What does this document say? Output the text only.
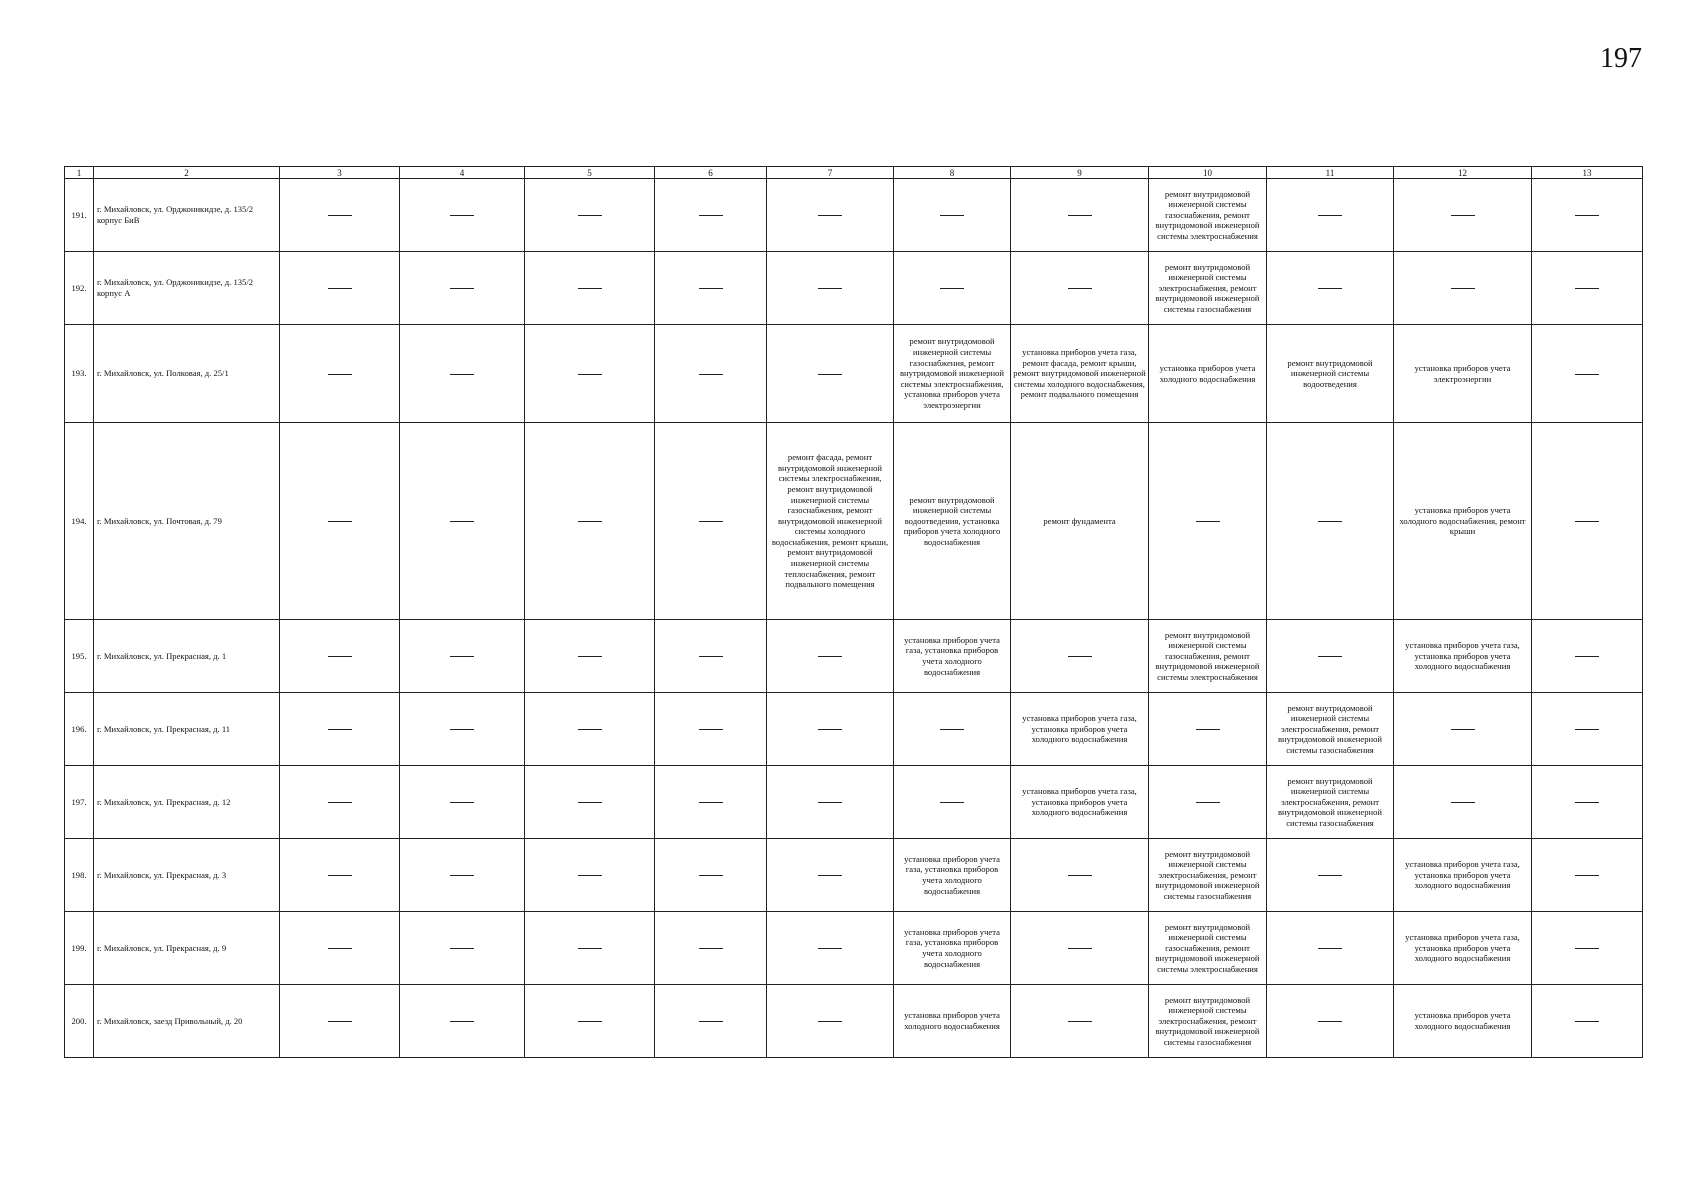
197
1	2	3	4	5	6	7	8	9	10	11	12	13
191.	г. Михайловск, ул. Орджоникидзе, д. 135/2 корпус БиВ								ремонт внутридомовой инженерной системы газоснабжения, ремонт внутридомовой инженерной системы электроснабжения			
192.	г. Михайловск, ул. Орджоникидзе, д. 135/2 корпус А								ремонт внутридомовой инженерной системы электроснабжения, ремонт внутридомовой инженерной системы газоснабжения			
193.	г. Михайловск, ул. Полковая, д. 25/1						ремонт внутридомовой инженерной системы газоснабжения, ремонт внутридомовой инженерной системы электроснабжения, установка приборов учета электроэнергии	установка приборов учета газа, ремонт фасада, ремонт крыши, ремонт внутридомовой инженерной системы холодного водоснабжения, ремонт подвального помещения	установка приборов учета холодного водоснабжения	ремонт внутридомовой инженерной системы водоотведения	установка приборов учета электроэнергии	
194.	г. Михайловск, ул. Почтовая, д. 79					ремонт фасада, ремонт внутридомовой инженерной системы электроснабжения, ремонт внутридомовой инженерной системы газоснабжения, ремонт внутридомовой инженерной системы холодного водоснабжения, ремонт крыши, ремонт внутридомовой инженерной системы теплоснабжения, ремонт подвального помещения	ремонт внутридомовой инженерной системы водоотведения, установка приборов учета холодного водоснабжения	ремонт фундамента			установка приборов учета холодного водоснабжения, ремонт крыши	
195.	г. Михайловск, ул. Прекрасная, д. 1						установка приборов учета газа, установка приборов учета холодного водоснабжения		ремонт внутридомовой инженерной системы газоснабжения, ремонт внутридомовой инженерной системы электроснабжения		установка приборов учета газа, установка приборов учета холодного водоснабжения	
196.	г. Михайловск, ул. Прекрасная, д. 11							установка приборов учета газа, установка приборов учета холодного водоснабжения		ремонт внутридомовой инженерной системы электроснабжения, ремонт внутридомовой инженерной системы газоснабжения		
197.	г. Михайловск, ул. Прекрасная, д. 12							установка приборов учета газа, установка приборов учета холодного водоснабжения		ремонт внутридомовой инженерной системы электроснабжения, ремонт внутридомовой инженерной системы газоснабжения		
198.	г. Михайловск, ул. Прекрасная, д. 3						установка приборов учета газа, установка приборов учета холодного водоснабжения		ремонт внутридомовой инженерной системы электроснабжения, ремонт внутридомовой инженерной системы газоснабжения		установка приборов учета газа, установка приборов учета холодного водоснабжения	
199.	г. Михайловск, ул. Прекрасная, д. 9						установка приборов учета газа, установка приборов учета холодного водоснабжения		ремонт внутридомовой инженерной системы газоснабжения, ремонт внутридомовой инженерной системы электроснабжения		установка приборов учета газа, установка приборов учета холодного водоснабжения	
200.	г. Михайловск, заезд Привольный, д. 20						установка приборов учета холодного водоснабжения		ремонт внутридомовой инженерной системы электроснабжения, ремонт внутридомовой инженерной системы газоснабжения		установка приборов учета холодного водоснабжения	
